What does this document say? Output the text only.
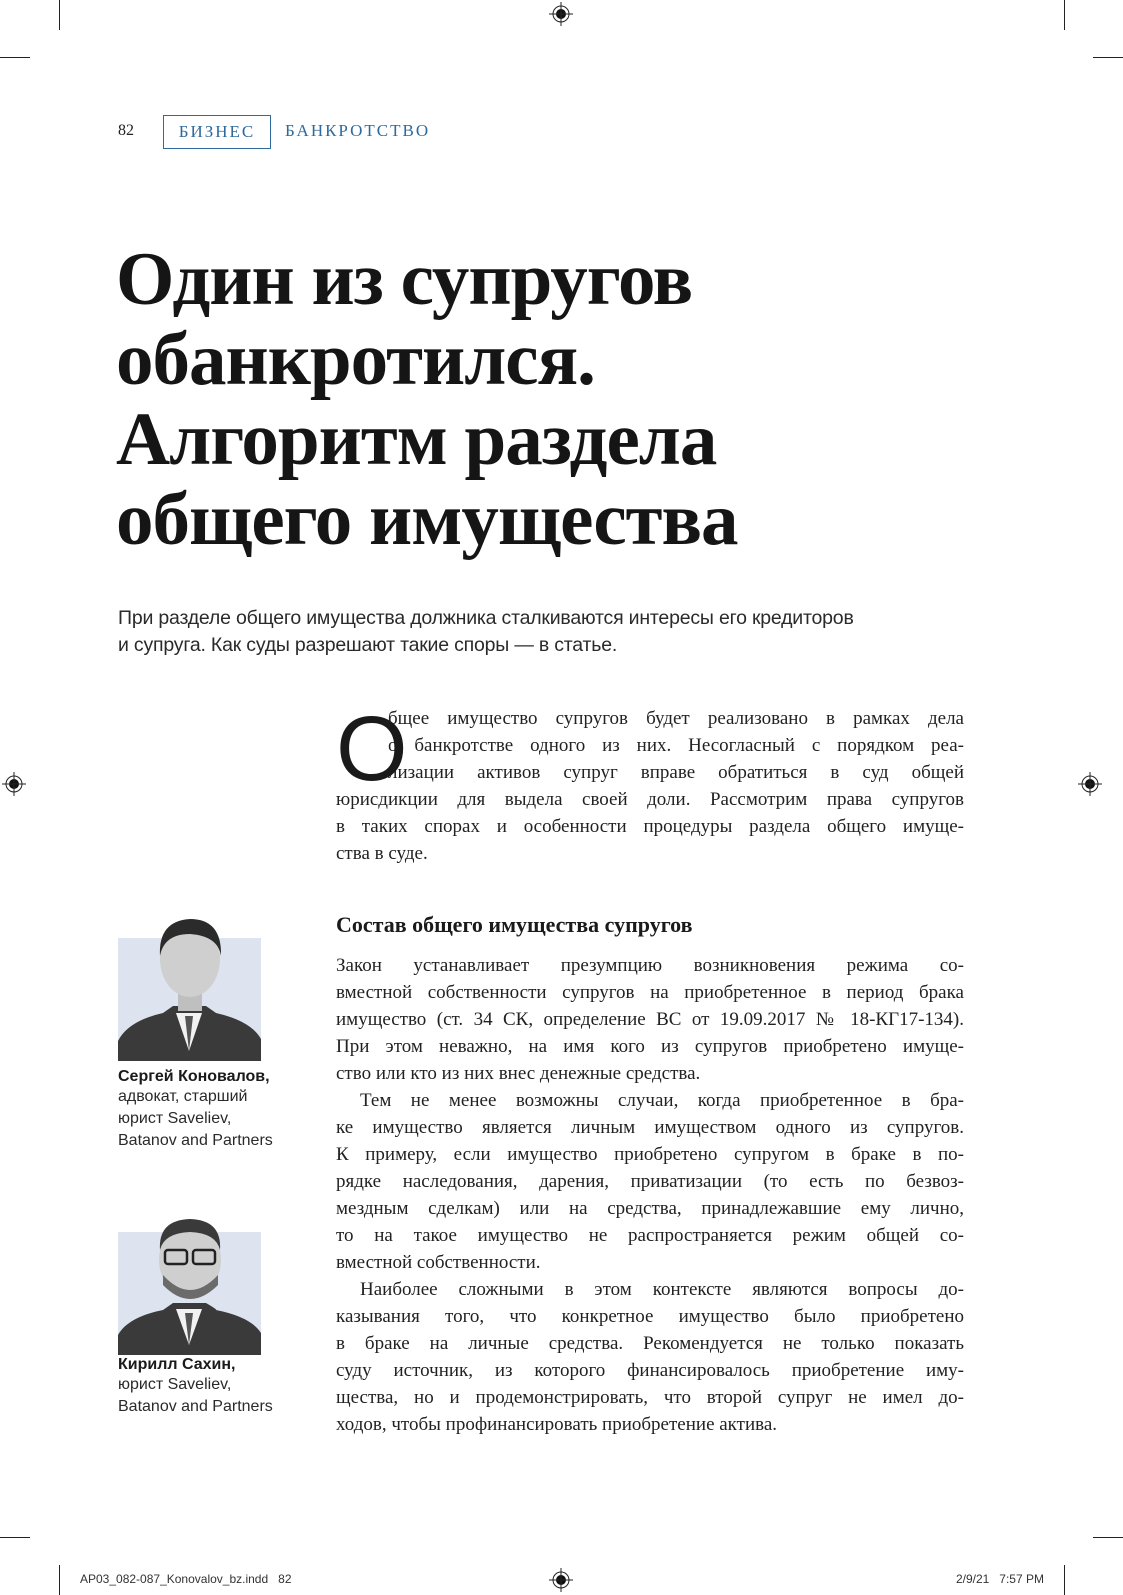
82	БИЗНЕС	БАНКРОТСТВО
Один из супругов
обанкротился.
Алгоритм раздела
общего имущества
При разделе общего имущества должника сталкиваются интересы его кредиторов
и супруга. Как суды разрешают такие споры — в статье.
О
бщее имущество супругов будет реализовано в рамках дела
о банкротстве одного из них. Несогласный с порядком реа-
лизации активов супруг вправе обратиться в суд общей
юрисдикции для выдела своей доли. Рассмотрим права супругов
в таких спорах и особенности процедуры раздела общего имуще-
ства в суде.
Состав общего имущества супругов
Закон устанавливает презумпцию возникновения режима со-
вместной собственности супругов на приобретенное в период брака
имущество (ст. 34 СК, определение ВС от 19.09.2017 № 18-КГ17-134).
При этом неважно, на имя кого из супругов приобретено имуще-
ство или кто из них внес денежные средства.
Тем не менее возможны случаи, когда приобретенное в бра-
ке имущество является личным имуществом одного из супругов.
К примеру, если имущество приобретено супругом в браке в по-
рядке наследования, дарения, приватизации (то есть по безвоз-
мездным сделкам) или на средства, принадлежавшие ему лично,
то на такое имущество не распространяется режим общей со-
вместной собственности.
Наиболее сложными в этом контексте являются вопросы до-
казывания того, что конкретное имущество было приобретено
в браке на личные средства. Рекомендуется не только показать
суду источник, из которого финансировалось приобретение иму-
щества, но и продемонстрировать, что второй супруг не имел до-
ходов, чтобы профинансировать приобретение актива.
Сергей Коновалов,
адвокат, старший
юрист Saveliev,
Batanov and Partners
Кирилл Сахин,
юрист Saveliev,
Batanov and Partners
AP03_082-087_Konovalov_bz.indd   82	2/9/21   7:57 PM
